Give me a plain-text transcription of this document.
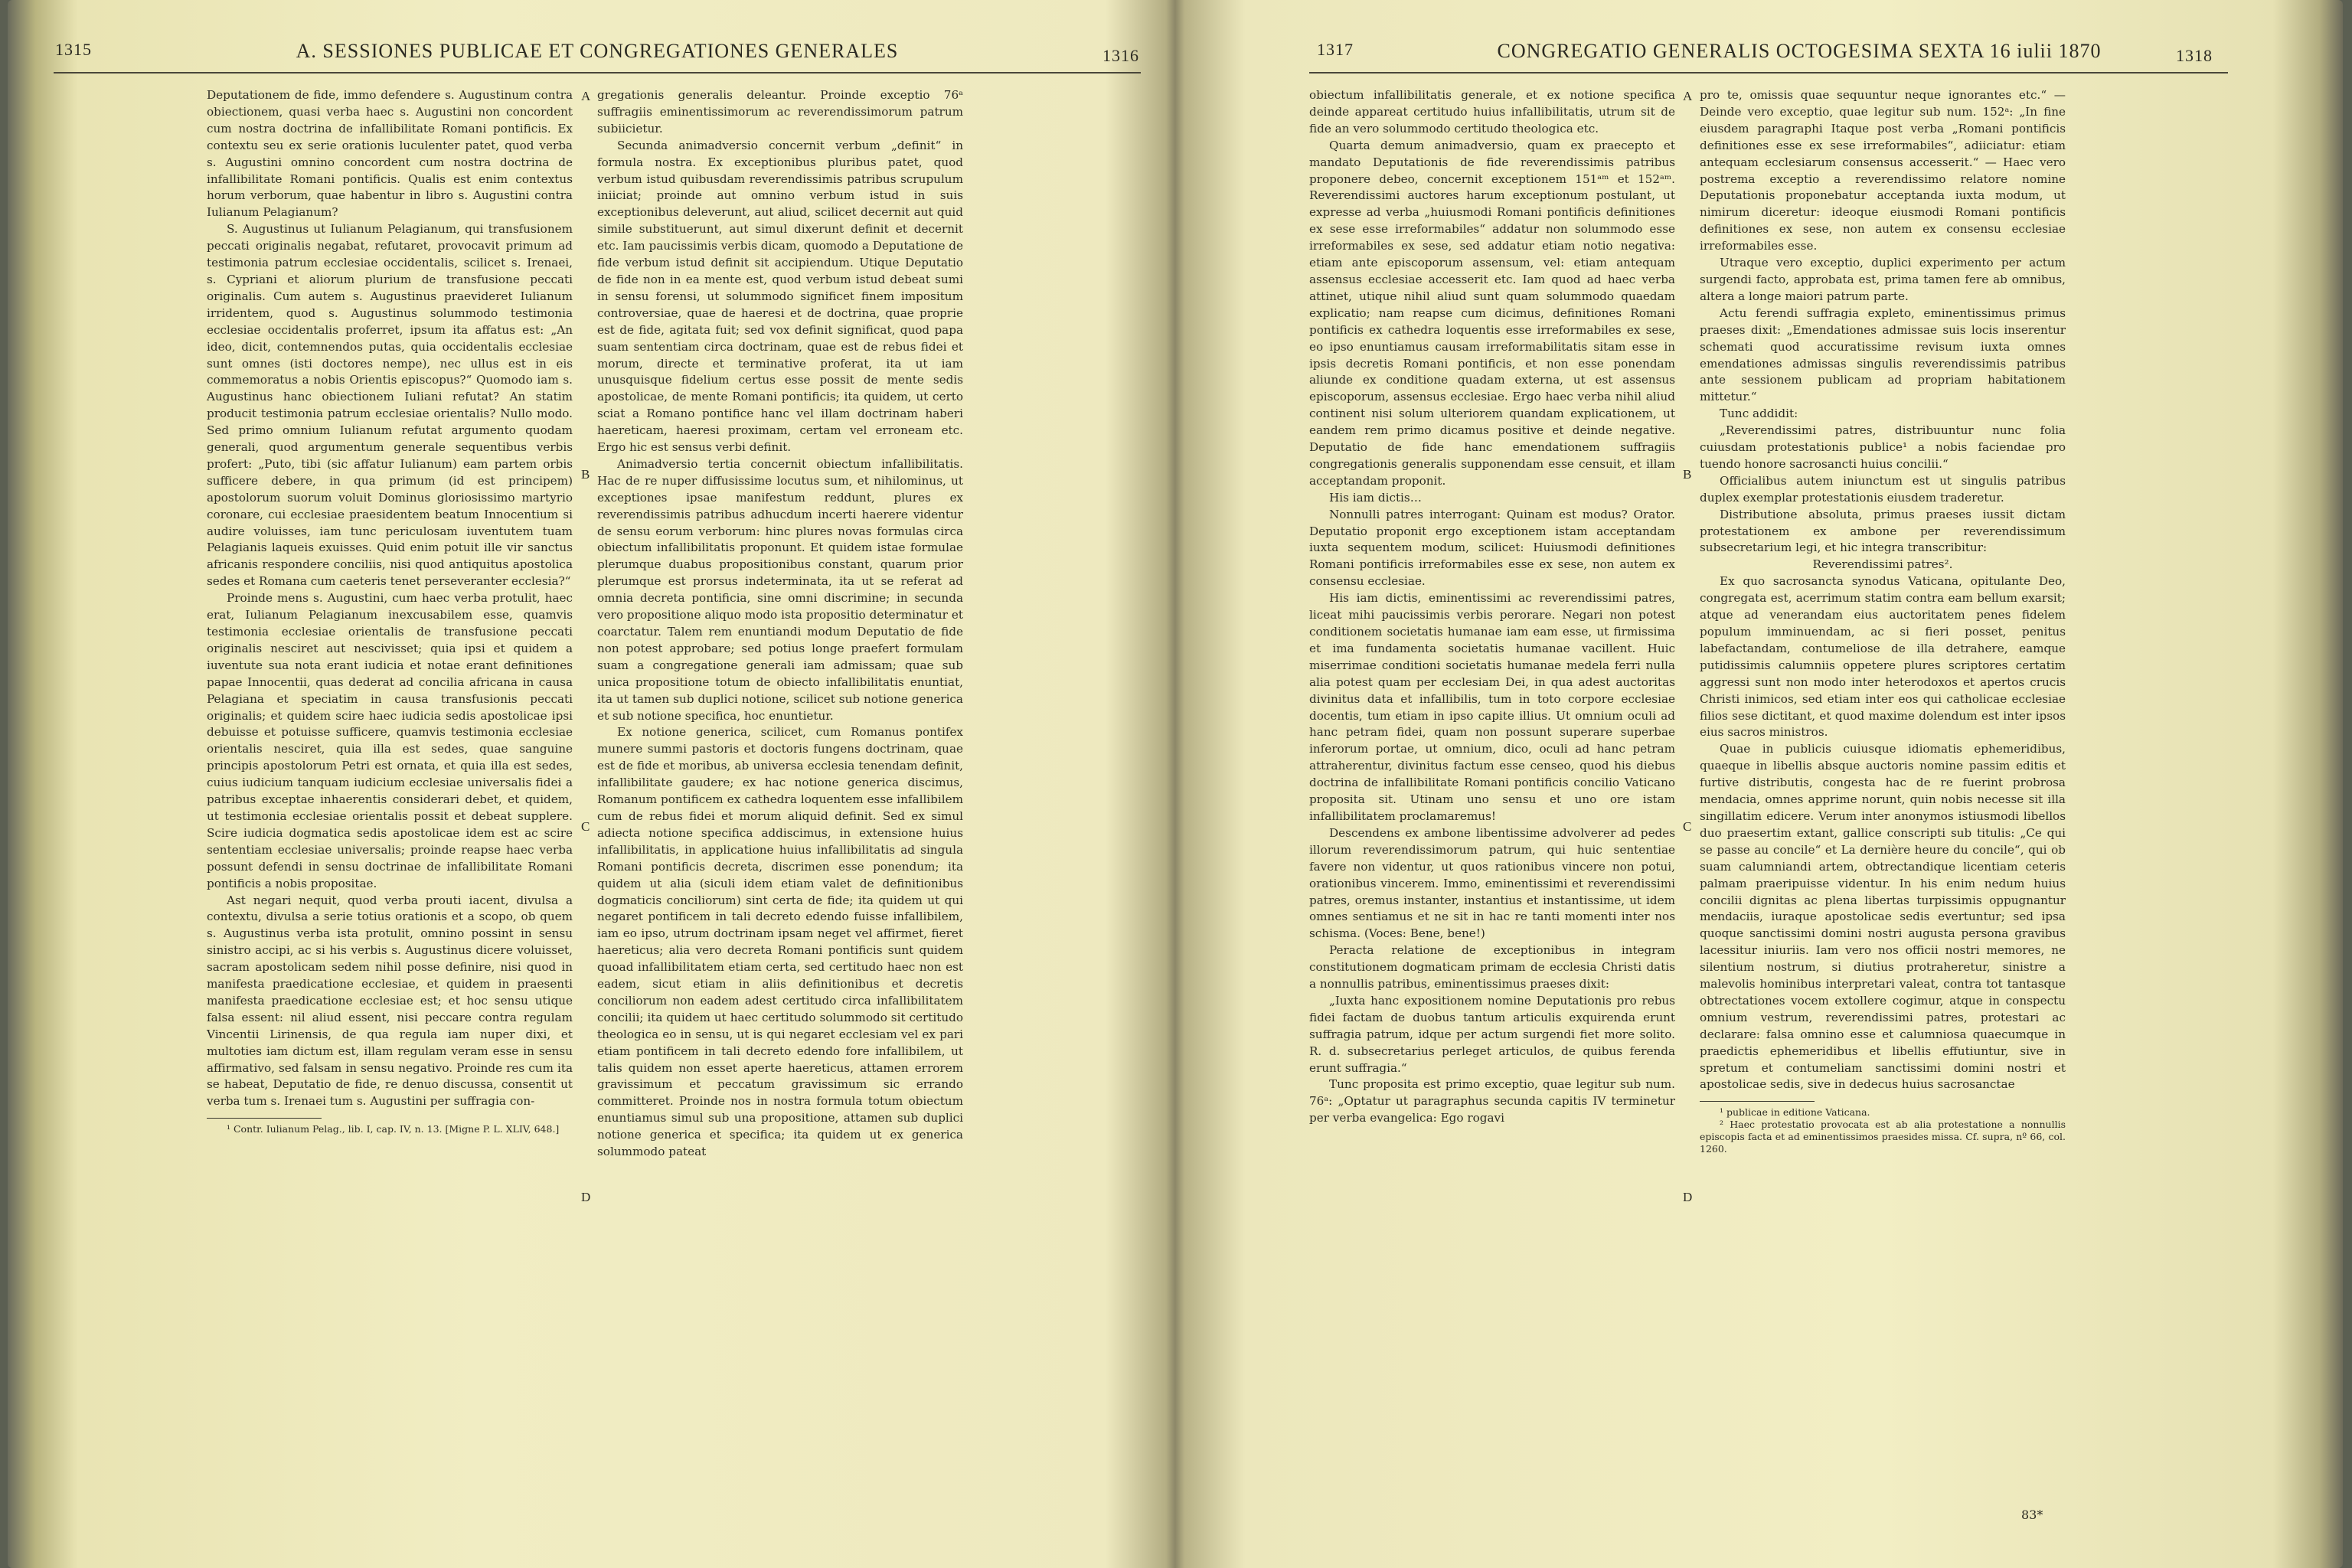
1315	A. SESSIONES PUBLICAE ET CONGREGATIONES GENERALES	1316

Deputationem de fide, immo defendere s. Augustinum contra obiectionem, quasi verba haec s. Augustini non concordent cum nostra doctrina de infallibilitate Romani pontificis. Ex contextu seu ex serie orationis luculenter patet, quod verba s. Augustini omnino concordent cum nostra doctrina de infallibilitate Romani pontificis. Qualis est enim contextus horum verborum, quae habentur in libro s. Augustini contra Iulianum Pelagianum?

S. Augustinus ut Iulianum Pelagianum, qui transfusionem peccati originalis negabat, refutaret, provocavit primum ad testimonia patrum ecclesiae occidentalis, scilicet s. Irenaei, s. Cypriani et aliorum plurium de transfusione peccati originalis. Cum autem s. Augustinus praevideret Iulianum irridentem, quod s. Augustinus solummodo testimonia ecclesiae occidentalis proferret, ipsum ita affatus est: „An ideo, dicit, contemnendos putas, quia occidentalis ecclesiae sunt omnes (isti doctores nempe), nec ullus est in eis commemoratus a nobis Orientis episcopus?“ Quomodo iam s. Augustinus hanc obiectionem Iuliani refutat? An statim producit testimonia patrum ecclesiae orientalis? Nullo modo. Sed primo omnium Iulianum refutat argumento quodam generali, quod argumentum generale sequentibus verbis profert: „Puto, tibi (sic affatur Iulianum) eam partem orbis sufficere debere, in qua primum (id est principem) apostolorum suorum voluit Dominus gloriosissimo martyrio coronare, cui ecclesiae praesidentem beatum Innocentium si audire voluisses, iam tunc periculosam iuventutem tuam Pelagianis laqueis exuisses. Quid enim potuit ille vir sanctus africanis respondere conciliis, nisi quod antiquitus apostolica sedes et Romana cum caeteris tenet perseveranter ecclesia?“

Proinde mens s. Augustini, cum haec verba protulit, haec erat, Iulianum Pelagianum inexcusabilem esse, quamvis testimonia ecclesiae orientalis de transfusione peccati originalis nesciret aut nescivisset; quia ipsi et quidem a iuventute sua nota erant iudicia et notae erant definitiones papae Innocentii, quas dederat ad concilia africana in causa Pelagiana et speciatim in causa transfusionis peccati originalis; et quidem scire haec iudicia sedis apostolicae ipsi debuisse et potuisse sufficere, quamvis testimonia ecclesiae orientalis nesciret, quia illa est sedes, quae sanguine principis apostolorum Petri est ornata, et quia illa est sedes, cuius iudicium tanquam iudicium ecclesiae universalis fidei a patribus exceptae inhaerentis considerari debet, et quidem, ut testimonia ecclesiae orientalis possit et debeat supplere. Scire iudicia dogmatica sedis apostolicae idem est ac scire sententiam ecclesiae universalis; proinde reapse haec verba possunt defendi in sensu doctrinae de infallibilitate Romani pontificis a nobis propositae.

Ast negari nequit, quod verba prouti iacent, divulsa a contextu, divulsa a serie totius orationis et a scopo, ob quem s. Augustinus verba ista protulit, omnino possint in sensu sinistro accipi, ac si his verbis s. Augustinus dicere voluisset, sacram apostolicam sedem nihil posse definire, nisi quod in manifesta praedicatione ecclesiae, et quidem in praesenti manifesta praedicatione ecclesiae est; et hoc sensu utique falsa essent: nil aliud essent, nisi peccare contra regulam Vincentii Lirinensis, de qua regula iam nuper dixi, et multoties iam dictum est, illam regulam veram esse in sensu affirmativo, sed falsam in sensu negativo. Proinde res cum ita se habeat, Deputatio de fide, re denuo discussa, consentit ut verba tum s. Irenaei tum s. Augustini per suffragia con-

¹ Contr. Iulianum Pelag., lib. I, cap. IV, n. 13. [Migne P. L. XLIV, 648.]

A
B
C
D

gregationis generalis deleantur. Proinde exceptio 76ᵃ suffragiis eminentissimorum ac reverendissimorum patrum subiicietur.

Secunda animadversio concernit verbum „definit“ in formula nostra. Ex exceptionibus pluribus patet, quod verbum istud quibusdam reverendissimis patribus scrupulum iniiciat; proinde aut omnino verbum istud in suis exceptionibus deleverunt, aut aliud, scilicet decernit aut quid simile substituerunt, aut simul dixerunt definit et decernit etc. Iam paucissimis verbis dicam, quomodo a Deputatione de fide verbum istud definit sit accipiendum. Utique Deputatio de fide non in ea mente est, quod verbum istud debeat sumi in sensu forensi, ut solummodo significet finem impositum controversiae, quae de haeresi et de doctrina, quae proprie est de fide, agitata fuit; sed vox definit significat, quod papa suam sententiam circa doctrinam, quae est de rebus fidei et morum, directe et terminative proferat, ita ut iam unusquisque fidelium certus esse possit de mente sedis apostolicae, de mente Romani pontificis; ita quidem, ut certo sciat a Romano pontifice hanc vel illam doctrinam haberi haereticam, haeresi proximam, certam vel erroneam etc. Ergo hic est sensus verbi definit.

Animadversio tertia concernit obiectum infallibilitatis. Hac de re nuper diffusissime locutus sum, et nihilominus, ut exceptiones ipsae manifestum reddunt, plures ex reverendissimis patribus adhucdum incerti haerere videntur de sensu eorum verborum: hinc plures novas formulas circa obiectum infallibilitatis proponunt. Et quidem istae formulae plerumque duabus propositionibus constant, quarum prior plerumque est prorsus indeterminata, ita ut se referat ad omnia decreta pontificia, sine omni discrimine; in secunda vero propositione aliquo modo ista propositio determinatur et coarctatur. Talem rem enuntiandi modum Deputatio de fide non potest approbare; sed potius longe praefert formulam suam a congregatione generali iam admissam; quae sub unica propositione totum de obiecto infallibilitatis enuntiat, ita ut tamen sub duplici notione, scilicet sub notione generica et sub notione specifica, hoc enuntietur.

Ex notione generica, scilicet, cum Romanus pontifex munere summi pastoris et doctoris fungens doctrinam, quae est de fide et moribus, ab universa ecclesia tenendam definit, infallibilitate gaudere; ex hac notione generica discimus, Romanum pontificem ex cathedra loquentem esse infallibilem cum de rebus fidei et morum aliquid definit. Sed ex simul adiecta notione specifica addiscimus, in extensione huius infallibilitatis, in applicatione huius infallibilitatis ad singula Romani pontificis decreta, discrimen esse ponendum; ita quidem ut alia (siculi idem etiam valet de definitionibus dogmaticis conciliorum) sint certa de fide; ita quidem ut qui negaret pontificem in tali decreto edendo fuisse infallibilem, iam eo ipso, utrum doctrinam ipsam neget vel affirmet, fieret haereticus; alia vero decreta Romani pontificis sunt quidem quoad infallibilitatem etiam certa, sed certitudo haec non est eadem, sicut etiam in aliis definitionibus et decretis conciliorum non eadem adest certitudo circa infallibilitatem concilii; ita quidem ut haec certitudo solummodo sit certitudo theologica eo in sensu, ut is qui negaret ecclesiam vel ex pari etiam pontificem in tali decreto edendo fore infallibilem, ut talis quidem non esset aperte haereticus, attamen errorem gravissimum et peccatum gravissimum sic errando committeret. Proinde nos in nostra formula totum obiectum enuntiamus simul sub una propositione, attamen sub duplici notione generica et specifica; ita quidem ut ex generica solummodo pateat

1317	CONGREGATIO GENERALIS OCTOGESIMA SEXTA 16 iulii 1870	1318

obiectum infallibilitatis generale, et ex notione specifica deinde appareat certitudo huius infallibilitatis, utrum sit de fide an vero solummodo certitudo theologica etc.

Quarta demum animadversio, quam ex praecepto et mandato Deputationis de fide reverendissimis patribus proponere debeo, concernit exceptionem 151ᵃᵐ et 152ᵃᵐ. Reverendissimi auctores harum exceptionum postulant, ut expresse ad verba „huiusmodi Romani pontificis definitiones ex sese esse irreformabiles“ addatur non solummodo esse irreformabiles ex sese, sed addatur etiam notio negativa: etiam ante episcoporum assensum, vel: etiam antequam assensus ecclesiae accesserit etc. Iam quod ad haec verba attinet, utique nihil aliud sunt quam solummodo quaedam explicatio; nam reapse cum dicimus, definitiones Romani pontificis ex cathedra loquentis esse irreformabiles ex sese, eo ipso enuntiamus causam irreformabilitatis sitam esse in ipsis decretis Romani pontificis, et non esse ponendam aliunde ex conditione quadam externa, ut est assensus episcoporum, assensus ecclesiae. Ergo haec verba nihil aliud continent nisi solum ulteriorem quandam explicationem, ut eandem rem primo dicamus positive et deinde negative. Deputatio de fide hanc emendationem suffragiis congregationis generalis supponendam esse censuit, et illam acceptandam proponit.

His iam dictis…

Nonnulli patres interrogant: Quinam est modus? Orator. Deputatio proponit ergo exceptionem istam acceptandam iuxta sequentem modum, scilicet: Huiusmodi definitiones Romani pontificis irreformabiles esse ex sese, non autem ex consensu ecclesiae.

His iam dictis, eminentissimi ac reverendissimi patres, liceat mihi paucissimis verbis perorare. Negari non potest conditionem societatis humanae iam eam esse, ut firmissima et ima fundamenta societatis humanae vacillent. Huic miserrimae conditioni societatis humanae medela ferri nulla alia potest quam per ecclesiam Dei, in qua adest auctoritas divinitus data et infallibilis, tum in toto corpore ecclesiae docentis, tum etiam in ipso capite illius. Ut omnium oculi ad hanc petram fidei, quam non possunt superare superbae inferorum portae, ut omnium, dico, oculi ad hanc petram attraherentur, divinitus factum esse censeo, quod his diebus doctrina de infallibilitate Romani pontificis concilio Vaticano proposita sit. Utinam uno sensu et uno ore istam infallibilitatem proclamaremus!

Descendens ex ambone libentissime advolverer ad pedes illorum reverendissimorum patrum, qui huic sententiae favere non videntur, ut quos rationibus vincere non potui, orationibus vincerem. Immo, eminentissimi et reverendissimi patres, oremus instanter, instantius et instantissime, ut idem omnes sentiamus et ne sit in hac re tanti momenti inter nos schisma. (Voces: Bene, bene!)

Peracta relatione de exceptionibus in integram constitutionem dogmaticam primam de ecclesia Christi datis a nonnullis patribus, eminentissimus praeses dixit:

„Iuxta hanc expositionem nomine Deputationis pro rebus fidei factam de duobus tantum articulis exquirenda erunt suffragia patrum, idque per actum surgendi fiet more solito. R. d. subsecretarius perleget articulos, de quibus ferenda erunt suffragia.“

Tunc proposita est primo exceptio, quae legitur sub num. 76ᵃ: „Optatur ut paragraphus secunda capitis IV terminetur per verba evangelica: Ego rogavi

A
B
C
D

pro te, omissis quae sequuntur neque ignorantes etc.“ — Deinde vero exceptio, quae legitur sub num. 152ᵃ: „In fine eiusdem paragraphi Itaque post verba „Romani pontificis definitiones esse ex sese irreformabiles“, adiiciatur: etiam antequam ecclesiarum consensus accesserit.“ — Haec vero postrema exceptio a reverendissimo relatore nomine Deputationis proponebatur acceptanda iuxta modum, ut nimirum diceretur: ideoque eiusmodi Romani pontificis definitiones ex sese, non autem ex consensu ecclesiae irreformabiles esse.

Utraque vero exceptio, duplici experimento per actum surgendi facto, approbata est, prima tamen fere ab omnibus, altera a longe maiori patrum parte.

Actu ferendi suffragia expleto, eminentissimus primus praeses dixit: „Emendationes admissae suis locis inserentur schemati quod accuratissime revisum iuxta omnes emendationes admissas singulis reverendissimis patribus ante sessionem publicam ad propriam habitationem mittetur.“

Tunc addidit:

„Reverendissimi patres, distribuuntur nunc folia cuiusdam protestationis publice¹ a nobis faciendae pro tuendo honore sacrosancti huius concilii.“

Officialibus autem iniunctum est ut singulis patribus duplex exemplar protestationis eiusdem traderetur.

Distributione absoluta, primus praeses iussit dictam protestationem ex ambone per reverendissimum subsecretarium legi, et hic integra transcribitur:

Reverendissimi patres².

Ex quo sacrosancta synodus Vaticana, opitulante Deo, congregata est, acerrimum statim contra eam bellum exarsit; atque ad venerandam eius auctoritatem penes fidelem populum imminuendam, ac si fieri posset, penitus labefactandam, contumeliose de illa detrahere, eamque putidissimis calumniis oppetere plures scriptores certatim aggressi sunt non modo inter heterodoxos et apertos crucis Christi inimicos, sed etiam inter eos qui catholicae ecclesiae filios sese dictitant, et quod maxime dolendum est inter ipsos eius sacros ministros.

Quae in publicis cuiusque idiomatis ephemeridibus, quaeque in libellis absque auctoris nomine passim editis et furtive distributis, congesta hac de re fuerint probrosa mendacia, omnes apprime norunt, quin nobis necesse sit illa singillatim edicere. Verum inter anonymos istiusmodi libellos duo praesertim extant, gallice conscripti sub titulis: „Ce qui se passe au concile“ et La dernière heure du concile“, qui ob suam calumniandi artem, obtrectandique licentiam ceteris palmam praeripuisse videntur. In his enim nedum huius concilii dignitas ac plena libertas turpissimis oppugnantur mendaciis, iuraque apostolicae sedis evertuntur; sed ipsa quoque sanctissimi domini nostri augusta persona gravibus lacessitur iniuriis. Iam vero nos officii nostri memores, ne silentium nostrum, si diutius protraheretur, sinistre a malevolis hominibus interpretari valeat, contra tot tantasque obtrectationes vocem extollere cogimur, atque in conspectu omnium vestrum, reverendissimi patres, protestari ac declarare: falsa omnino esse et calumniosa quaecumque in praedictis ephemeridibus et libellis effutiuntur, sive in spretum et contumeliam sanctissimi domini nostri et apostolicae sedis, sive in dedecus huius sacrosanctae

¹ publicae in editione Vaticana.

² Haec protestatio provocata est ab alia protestatione a nonnullis episcopis facta et ad eminentissimos praesides missa. Cf. supra, nº 66, col. 1260.

83*
